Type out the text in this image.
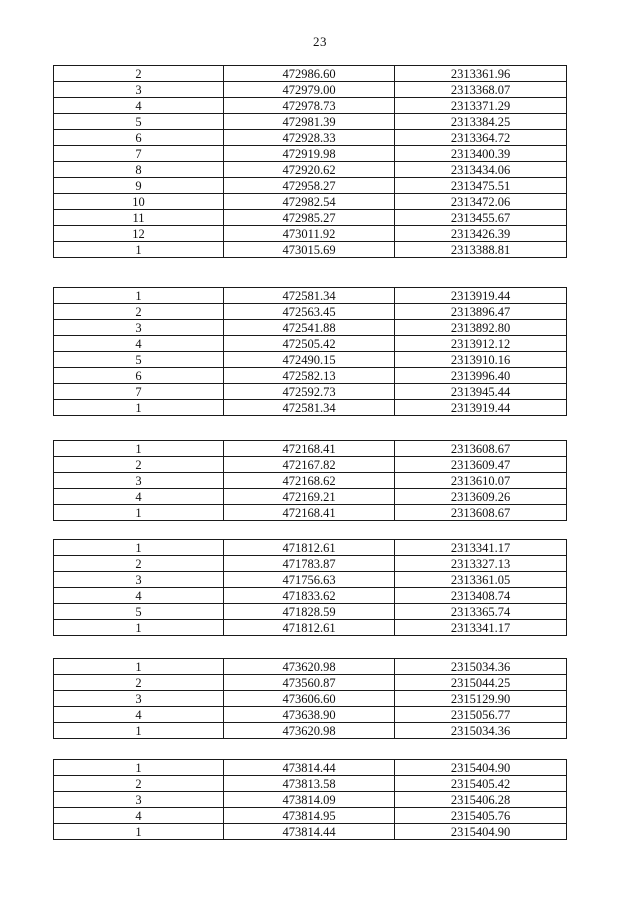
23
2	472986.60	2313361.96
3	472979.00	2313368.07
4	472978.73	2313371.29
5	472981.39	2313384.25
6	472928.33	2313364.72
7	472919.98	2313400.39
8	472920.62	2313434.06
9	472958.27	2313475.51
10	472982.54	2313472.06
11	472985.27	2313455.67
12	473011.92	2313426.39
1	473015.69	2313388.81
1	472581.34	2313919.44
2	472563.45	2313896.47
3	472541.88	2313892.80
4	472505.42	2313912.12
5	472490.15	2313910.16
6	472582.13	2313996.40
7	472592.73	2313945.44
1	472581.34	2313919.44
1	472168.41	2313608.67
2	472167.82	2313609.47
3	472168.62	2313610.07
4	472169.21	2313609.26
1	472168.41	2313608.67
1	471812.61	2313341.17
2	471783.87	2313327.13
3	471756.63	2313361.05
4	471833.62	2313408.74
5	471828.59	2313365.74
1	471812.61	2313341.17
1	473620.98	2315034.36
2	473560.87	2315044.25
3	473606.60	2315129.90
4	473638.90	2315056.77
1	473620.98	2315034.36
1	473814.44	2315404.90
2	473813.58	2315405.42
3	473814.09	2315406.28
4	473814.95	2315405.76
1	473814.44	2315404.90
